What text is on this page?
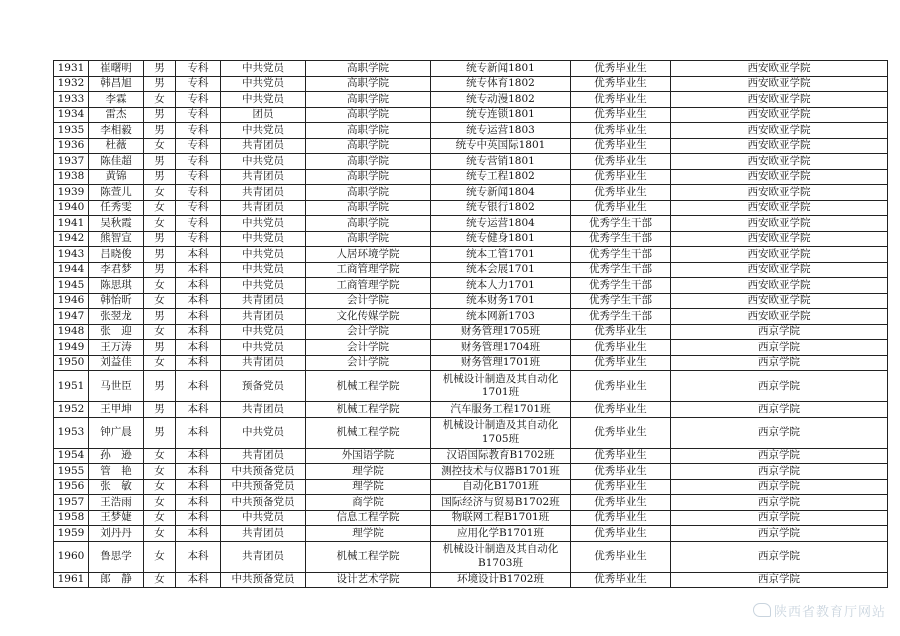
1931	崔曙明	男	专科	中共党员	高职学院	统专新闻1801	优秀毕业生	西安欧亚学院
1932	韩昌旭	男	专科	中共党员	高职学院	统专体育1802	优秀毕业生	西安欧亚学院
1933	李霖	女	专科	中共党员	高职学院	统专动漫1802	优秀毕业生	西安欧亚学院
1934	雷杰	男	专科	团员	高职学院	统专连锁1801	优秀毕业生	西安欧亚学院
1935	李相毅	男	专科	中共党员	高职学院	统专运营1803	优秀毕业生	西安欧亚学院
1936	杜薇	女	专科	共青团员	高职学院	统专中英国际1801	优秀毕业生	西安欧亚学院
1937	陈佳超	男	专科	中共党员	高职学院	统专营销1801	优秀毕业生	西安欧亚学院
1938	黄锦	男	专科	共青团员	高职学院	统专工程1802	优秀毕业生	西安欧亚学院
1939	陈萱儿	女	专科	共青团员	高职学院	统专新闻1804	优秀毕业生	西安欧亚学院
1940	任秀雯	女	专科	共青团员	高职学院	统专银行1802	优秀毕业生	西安欧亚学院
1941	吴秋霞	女	专科	中共党员	高职学院	统专运营1804	优秀学生干部	西安欧亚学院
1942	熊智宣	男	专科	中共党员	高职学院	统专健身1801	优秀学生干部	西安欧亚学院
1943	吕晓俊	男	本科	中共党员	人居环境学院	统本工管1701	优秀学生干部	西安欧亚学院
1944	李君梦	男	本科	中共党员	工商管理学院	统本会展1701	优秀学生干部	西安欧亚学院
1945	陈思琪	女	本科	中共党员	工商管理学院	统本人力1701	优秀学生干部	西安欧亚学院
1946	韩怡昕	女	本科	共青团员	会计学院	统本财务1701	优秀学生干部	西安欧亚学院
1947	张翌龙	男	本科	共青团员	文化传媒学院	统本网新1703	优秀学生干部	西安欧亚学院
1948	张　迎	女	本科	中共党员	会计学院	财务管理1705班	优秀毕业生	西京学院
1949	王万涛	男	本科	中共党员	会计学院	财务管理1704班	优秀毕业生	西京学院
1950	刘益佳	女	本科	共青团员	会计学院	财务管理1701班	优秀毕业生	西京学院
1951	马世臣	男	本科	预备党员	机械工程学院	机械设计制造及其自动化1701班	优秀毕业生	西京学院
1952	王甲坤	男	本科	共青团员	机械工程学院	汽车服务工程1701班	优秀毕业生	西京学院
1953	钟广晨	男	本科	中共党员	机械工程学院	机械设计制造及其自动化1705班	优秀毕业生	西京学院
1954	孙　逊	女	本科	共青团员	外国语学院	汉语国际教育B1702班	优秀毕业生	西京学院
1955	管　艳	女	本科	中共预备党员	理学院	测控技术与仪器B1701班	优秀毕业生	西京学院
1956	张　敏	女	本科	中共预备党员	理学院	自动化B1701班	优秀毕业生	西京学院
1957	王浩雨	女	本科	中共预备党员	商学院	国际经济与贸易B1702班	优秀毕业生	西京学院
1958	王梦婕	女	本科	中共党员	信息工程学院	物联网工程B1701班	优秀毕业生	西京学院
1959	刘丹丹	女	本科	共青团员	理学院	应用化学B1701班	优秀毕业生	西京学院
1960	鲁思学	女	本科	共青团员	机械工程学院	机械设计制造及其自动化B1703班	优秀毕业生	西京学院
1961	郎　静	女	本科	中共预备党员	设计艺术学院	环境设计B1702班	优秀毕业生	西京学院
陕西省教育厅网站
